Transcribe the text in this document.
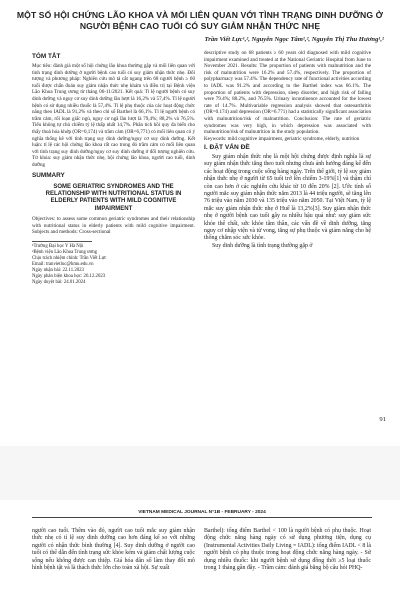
MỘT SỐ HỘI CHỨNG LÃO KHOA VÀ MỐI LIÊN QUAN VỚI TÌNH TRẠNG DINH DƯỠNG Ở NGƯỜI BỆNH CAO TUỔI CÓ SUY GIẢM NHẬN THỨC NHẸ

Trần Viết Lực¹,², Nguyễn Ngọc Tâm¹,², Nguyễn Thị Thu Hương¹,²

TÓM TẮT

Mục tiêu: đánh giá một số hội chứng lão khoa thường gặp và mối liên quan với tình trạng dinh dưỡng ở người bệnh cao tuổi có suy giảm nhận thức nhẹ. Đối tượng và phương pháp: Nghiên cứu mô tả cắt ngang trên 68 người bệnh ≥ 60 tuổi được chẩn đoán suy giảm nhận thức nhẹ khám và điều trị tại Bệnh viện Lão Khoa Trung ương từ tháng 06-11/2021. Kết quả: Tỉ lệ người bệnh có suy dinh dưỡng và nguy cơ suy dinh dưỡng lần lượt là 16,2% và 57,4%. Tỉ lệ người bệnh có sử dụng nhiều thuốc là 57,4%. Tỉ lệ phụ thuộc của các hoạt động chức năng theo IADL là 91,2% và theo chỉ số Barthel là 66,1%. Tỉ lệ người bệnh có trầm cảm, rối loạn giấc ngủ, nguy cơ ngã lần lượt là 79,4%; 88,2% và 76,5%. Tiểu không tự chủ chiếm tỷ lệ thấp nhất 14,7%. Phân tích hồi quy đa biến cho thấy thoả hóa khớp (OR=0,174) và trầm cảm (OR=6,771) có mối liên quan có ý nghĩa thống kê với tình trạng suy dinh dưỡng/nguy cơ suy dinh dưỡng. Kết luận: tỉ lệ các hội chứng lão khoa rất cao trong đó trầm cảm có mối liên quan với tình trạng suy dinh dưỡng/nguy cơ suy dinh dưỡng ở đối tượng nghiên cứu. Từ khóa: suy giảm nhận thức nhẹ, hội chứng lão khoa, người cao tuổi, dinh dưỡng

SUMMARY
SOME GERIATRIC SYNDROMES AND THE RELATIONSHIP WITH NUTRITIONAL STATUS IN ELDERLY PATIENTS WITH MILD COGNITIVE IMPAIRMENT

Objectives: to assess some common geriatric syndromes and their relationship with nutritional status in elderly patients with mild cognitive impairment. Subjects and methods: Cross-sectional

¹Trường Đại học Y Hà Nội
²Bệnh viện Lão Khoa Trung ương
Chịu trách nhiệm chính: Trần Viết Lực
Email: tranvietluc@hmu.edu.vn
Ngày nhận bài: 22.11.2023
Ngày phản biện khoa học: 26.12.2023
Ngày duyệt bài: 24.01.2024

descriptive study on 68 patients ≥ 60 years old diagnosed with mild cognitive impairment examined and treated at the National Geriatric Hospital from June to November 2021. Results: The proportion of patients with malnutrition and the risk of malnutrition were 16.2% and 57.4%, respectively. The proportion of polypharmacy was 57.4%. The dependency rate of functional activities according to IADL was 91.2% and according to the Barthel index was 66.1%. The proportion of patients with depression, sleep disorder, and high risk of falling were 79.4%; 88.2%, and 76.5%. Urinary incontinence accounted for the lowest rate of 14.7%. Multivariable regression analysis showed that osteoarthritis (OR=0.174) and depression (OR=6.771) had a statistically significant association with malnutrition/risk of malnutrition. Conclusion: The rate of geriatric syndromes was very high, in which depression was associated with malnutrition/risk of malnutrition in the study population.

Keywords: mild cognitive impairment, geriatric syndrome, elderly, nutrition

I. ĐẶT VẤN ĐỀ

Suy giảm nhận thức nhẹ là một hội chứng được định nghĩa là sự suy giảm nhận thức tăng theo tuổi nhưng chưa ảnh hưởng đáng kể đến các hoạt động trong cuộc sống hàng ngày. Trên thế giới, tỷ lệ suy giảm nhận thức nhẹ ở người từ 65 tuổi trở lên chiếm 3-19%[1] và thậm chí còn cao hơn ở các nghiên cứu khác từ 10 đến 20% [2]. Ước tính số người mắc suy giảm nhận thức năm 2013 là 44 triệu người, sẽ tăng lên 76 triệu vào năm 2030 và 135 triệu vào năm 2050. Tại Việt Nam, tỷ lệ mắc suy giảm nhận thức nhẹ ở Huế là 13,2%[3]. Suy giảm nhận thức nhẹ ở người bệnh cao tuổi gây ra nhiều hậu quả như: suy giảm sức khỏe thể chất, sức khỏe tâm thần, các vấn đề về dinh dưỡng, tăng nguy cơ nhập viện và tử vong, tăng sự phụ thuộc và giảm năng cho hệ thống chăm sóc sức khỏe.

Suy dinh dưỡng là tình trạng thường gặp ở

91
VIETNAM MEDICAL JOURNAL N°1B - FEBRUARY - 2024

người cao tuổi. Thêm vào đó, người cao tuổi mắc suy giảm nhận thức nhẹ có tỉ lệ suy dinh dưỡng cao hơn đáng kể so với những người có nhận thức bình thường [4]. Suy dinh dưỡng ở người cao tuổi có thể dẫn đến tình trạng sức khỏe kém và giảm chất lượng cuộc sống nếu không được can thiệp. Giá hóa dân số làm thay đổi mô hình bệnh tật và là thách thức lớn cho toàn xã hội. Sự xuất

Barthel): tổng điểm Barthel < 100 là người bệnh có phụ thuộc. Hoạt động chức năng hàng ngày có sử dụng phương tiện, dụng cụ (Instrumental Activities Daily Living = IADL): tổng điểm IADL < 8 là người bệnh có phụ thuộc trong hoạt động chức năng hàng ngày. - Sử dụng nhiều thuốc: khi người bệnh sử dụng đồng thời ≥5 loại thuốc trong 1 tháng gần đây. - Trầm cảm: đánh giá bằng bộ câu hỏi PHQ-
